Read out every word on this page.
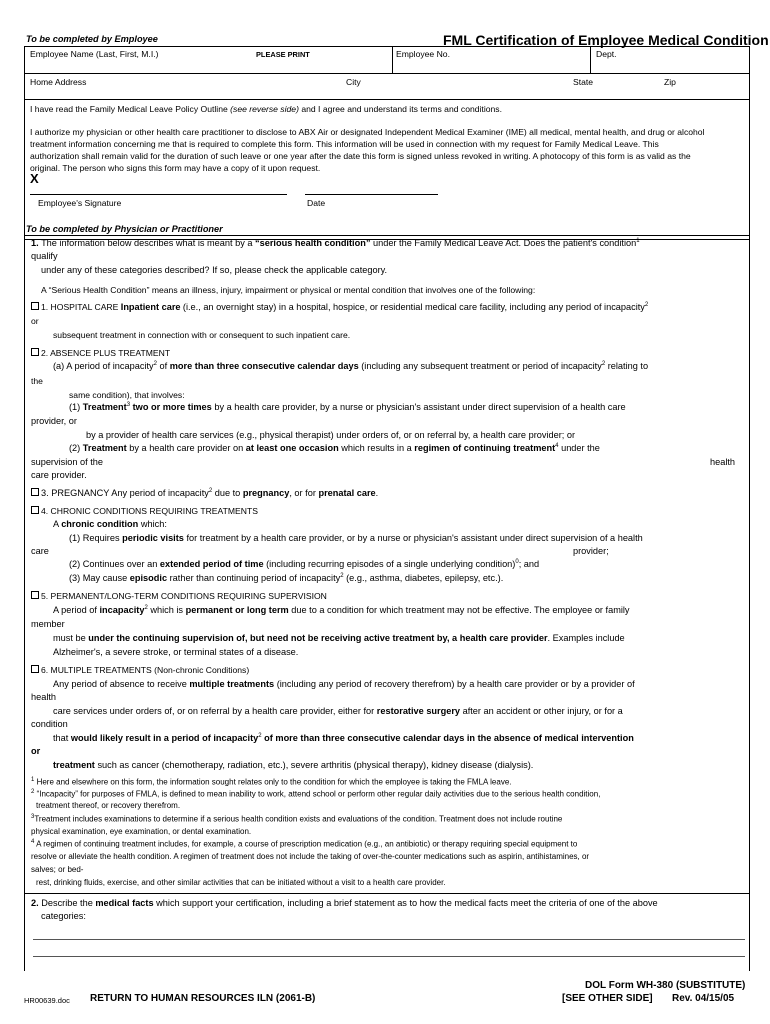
To be completed by Employee	FML Certification of Employee Medical Condition
Employee Name (Last, First, M.I.)	PLEASE PRINT	Employee No.	Dept.
Home Address	City	State	Zip
I have read the Family Medical Leave Policy Outline (see reverse side) and I agree and understand its terms and conditions.
I authorize my physician or other health care practitioner to disclose to ABX Air or designated Independent Medical Examiner (IME) all medical, mental health, and drug or alcohol
treatment information concerning me that is required to complete this form. This information will be used in connection with my request for Family Medical Leave. This
authorization shall remain valid for the duration of such leave or one year after the date this form is signed unless revoked in writing. A photocopy of this form is as valid as the
original. The person who signs this form may have a copy of it upon request.
X
Employee's Signature	Date
To be completed by Physician or Practitioner
1. The information below describes what is meant by a “serious health condition” under the Family Medical Leave Act. Does the patient's condition$^1$
qualify
under any of these categories described? If so, please check the applicable category.
A “Serious Health Condition” means an illness, injury, impairment or physical or mental condition that involves one of the following:
1. HOSPITAL CARE Inpatient care (i.e., an overnight stay) in a hospital, hospice, or residential medical care facility, including any period of incapacity$^2$
or
subsequent treatment in connection with or consequent to such inpatient care.
2. ABSENCE PLUS TREATMENT
(a) A period of incapacity$^2$ of more than three consecutive calendar days (including any subsequent treatment or period of incapacity$^2$ relating to
the
same condition), that involves:
(1) Treatment$^3$ two or more times by a health care provider, by a nurse or physician's assistant under direct supervision of a health care
provider, or
by a provider of health care services (e.g., physical therapist) under orders of, or on referral by, a health care provider; or
(2) Treatment by a health care provider on at least one occasion which results in a regimen of continuing treatment$^4$ under the
supervision of the	health
care provider.
3. PREGNANCY Any period of incapacity$^2$ due to pregnancy, or for prenatal care.
4. CHRONIC CONDITIONS REQUIRING TREATMENTS
A chronic condition which:
(1) Requires periodic visits for treatment by a health care provider, or by a nurse or physician's assistant under direct supervision of a health
care	provider;
(2) Continues over an extended period of time (including recurring episodes of a single underlying condition)$^0$; and
(3) May cause episodic rather than continuing period of incapacity$^2$ (e.g., asthma, diabetes, epilepsy, etc.).
5. PERMANENT/LONG-TERM CONDITIONS REQUIRING SUPERVISION
A period of incapacity$^2$ which is permanent or long term due to a condition for which treatment may not be effective. The employee or family
member
must be under the continuing supervision of, but need not be receiving active treatment by, a health care provider. Examples include
Alzheimer's, a severe stroke, or terminal states of a disease.
6. MULTIPLE TREATMENTS (Non-chronic Conditions)
Any period of absence to receive multiple treatments (including any period of recovery therefrom) by a health care provider or by a provider of
health
care services under orders of, or on referral by a health care provider, either for restorative surgery after an accident or other injury, or for a
condition
that would likely result in a period of incapacity$^2$ of more than three consecutive calendar days in the absence of medical intervention
or
treatment such as cancer (chemotherapy, radiation, etc.), severe arthritis (physical therapy), kidney disease (dialysis).
$^1$ Here and elsewhere on this form, the information sought relates only to the condition for which the employee is taking the FMLA leave.
$^2$ “Incapacity” for purposes of FMLA, is defined to mean inability to work, attend school or perform other regular daily activities due to the serious health condition,
treatment thereof, or recovery therefrom.
$^3$Treatment includes examinations to determine if a serious health condition exists and evaluations of the condition. Treatment does not include routine
physical examination, eye examination, or dental examination.
$^4$ A regimen of continuing treatment includes, for example, a course of prescription medication (e.g., an antibiotic) or therapy requiring special equipment to
resolve or alleviate the health condition. A regimen of treatment does not include the taking of over-the-counter medications such as aspirin, antihistamines, or
salves; or bed-
rest, drinking fluids, exercise, and other similar activities that can be initiated without a visit to a health care provider.
2. Describe the medical facts which support your certification, including a brief statement as to how the medical facts meet the criteria of one of the above
categories:
DOL Form WH-380 (SUBSTITUTE)
HR00639.doc RETURN TO HUMAN RESOURCES ILN (2061-B)	[SEE OTHER SIDE] Rev. 04/15/05
